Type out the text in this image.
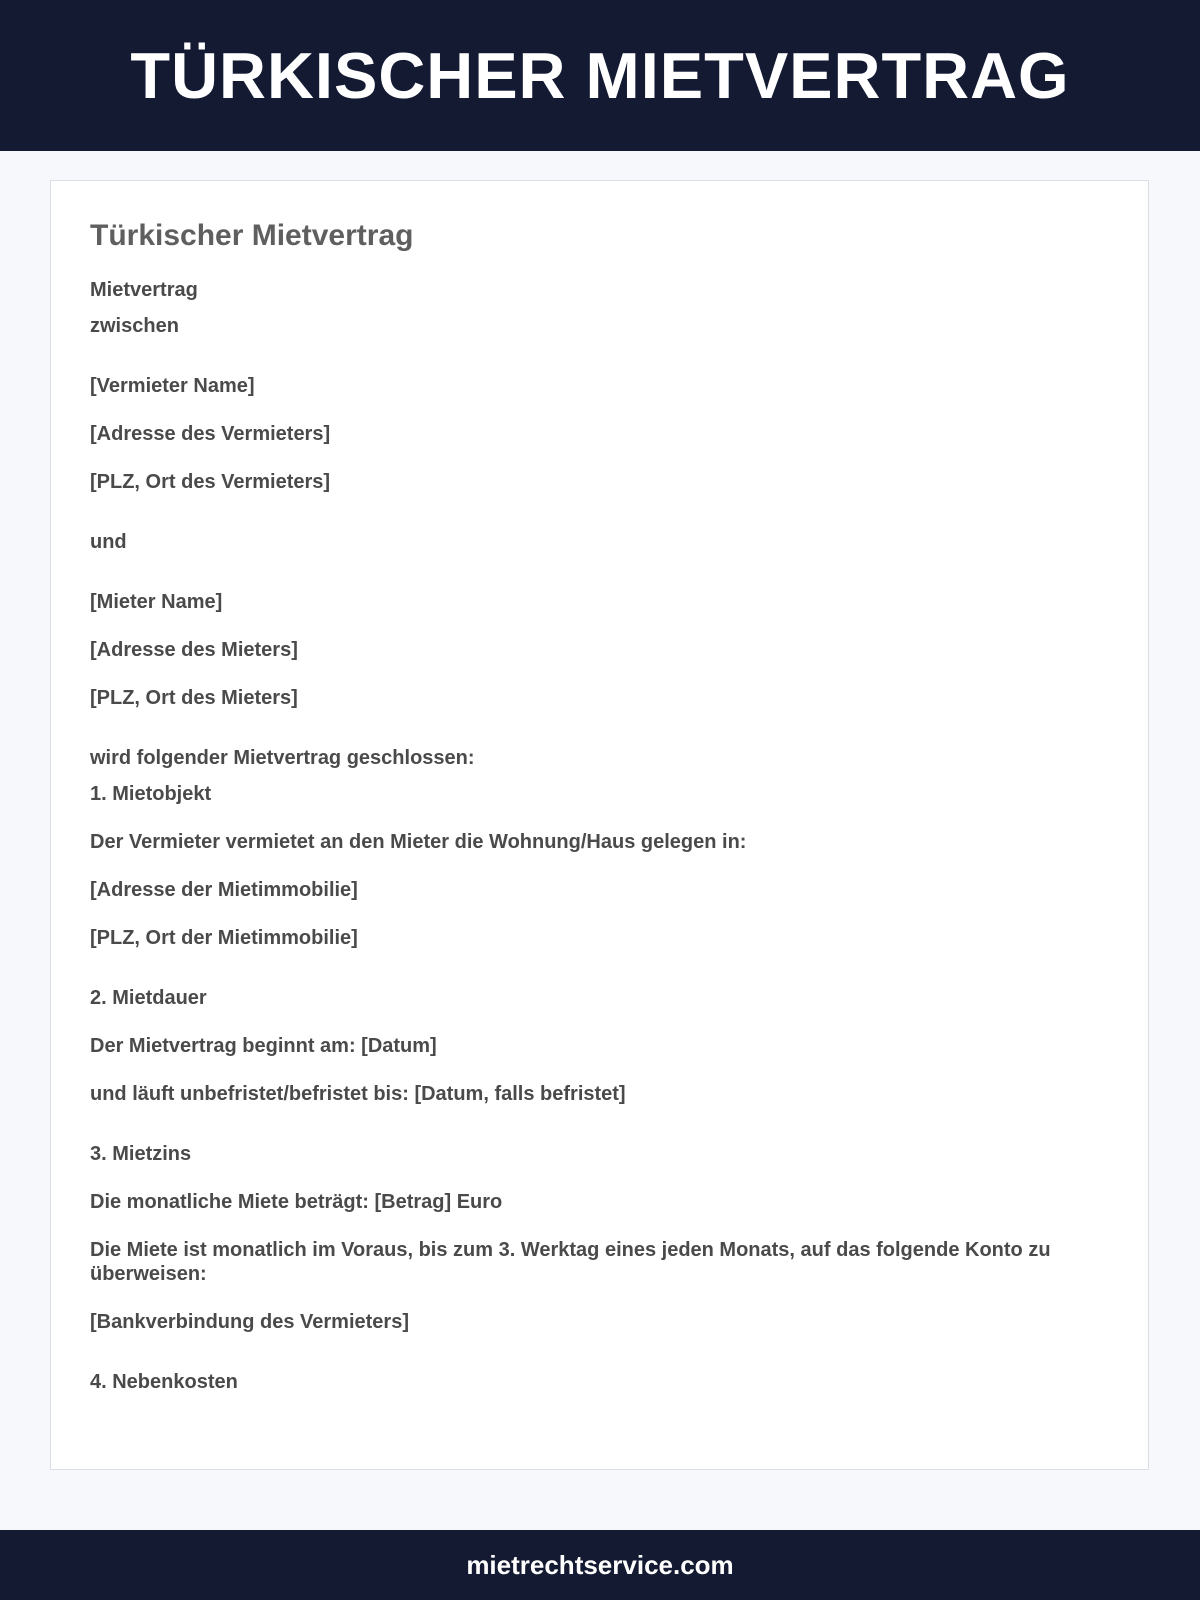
TÜRKISCHER MIETVERTRAG
Türkischer Mietvertrag

Mietvertrag

zwischen

[Vermieter Name]

[Adresse des Vermieters]

[PLZ, Ort des Vermieters]

und

[Mieter Name]

[Adresse des Mieters]

[PLZ, Ort des Mieters]

wird folgender Mietvertrag geschlossen:

1. Mietobjekt

Der Vermieter vermietet an den Mieter die Wohnung/Haus gelegen in:

[Adresse der Mietimmobilie]

[PLZ, Ort der Mietimmobilie]

2. Mietdauer

Der Mietvertrag beginnt am: [Datum]

und läuft unbefristet/befristet bis: [Datum, falls befristet]

3. Mietzins

Die monatliche Miete beträgt: [Betrag] Euro

Die Miete ist monatlich im Voraus, bis zum 3. Werktag eines jeden Monats, auf das folgende Konto zu überweisen:

[Bankverbindung des Vermieters]

4. Nebenkosten

mietrechtservice.com
